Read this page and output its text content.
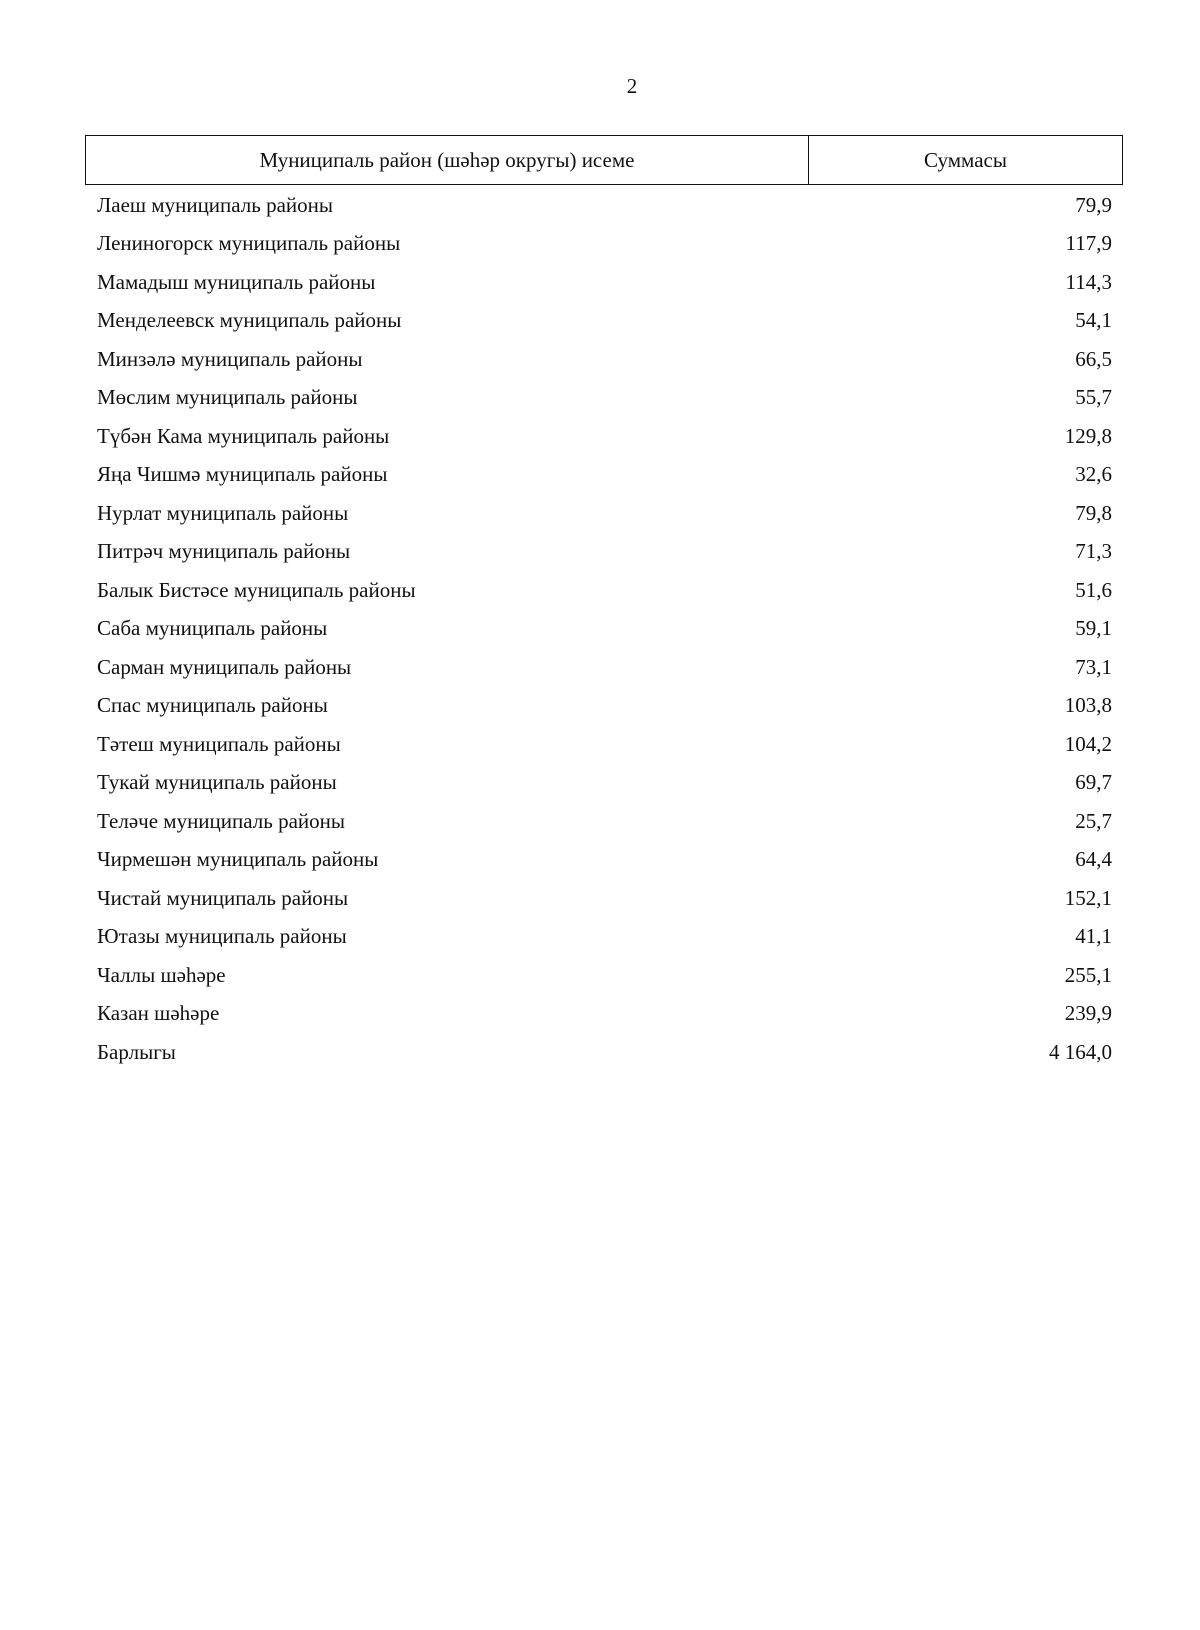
2
Муниципаль район (шәһәр округы) исеме	Суммасы
Лаеш муниципаль районы	79,9
Лениногорск муниципаль районы	117,9
Мамадыш муниципаль районы	114,3
Менделеевск муниципаль районы	54,1
Минзәлә муниципаль районы	66,5
Мөслим муниципаль районы	55,7
Түбән Кама муниципаль районы	129,8
Яңа Чишмә муниципаль районы	32,6
Нурлат муниципаль районы	79,8
Питрәч муниципаль районы	71,3
Балык Бистәсе муниципаль районы	51,6
Саба муниципаль районы	59,1
Сарман муниципаль районы	73,1
Спас муниципаль районы	103,8
Тәтеш муниципаль районы	104,2
Тукай муниципаль районы	69,7
Теләче муниципаль районы	25,7
Чирмешән муниципаль районы	64,4
Чистай муниципаль районы	152,1
Ютазы муниципаль районы	41,1
Чаллы шәһәре	255,1
Казан шәһәре	239,9
Барлыгы	4 164,0
